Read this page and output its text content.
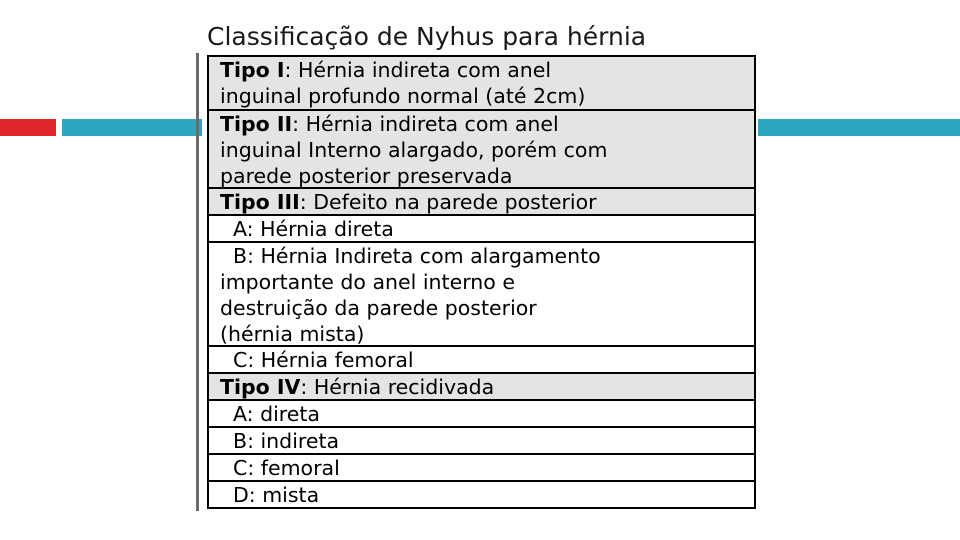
Classificação de Nyhus para hérnia
Tipo I: Hérnia indireta com anel
inguinal profundo normal (até 2cm)
Tipo II: Hérnia indireta com anel
inguinal Interno alargado, porém com
parede posterior preservada
Tipo III: Defeito na parede posterior
A: Hérnia direta
B: Hérnia Indireta com alargamento
importante do anel interno e
destruição da parede posterior
(hérnia mista)
C: Hérnia femoral
Tipo IV: Hérnia recidivada
A: direta
B: indireta
C: femoral
D: mista
